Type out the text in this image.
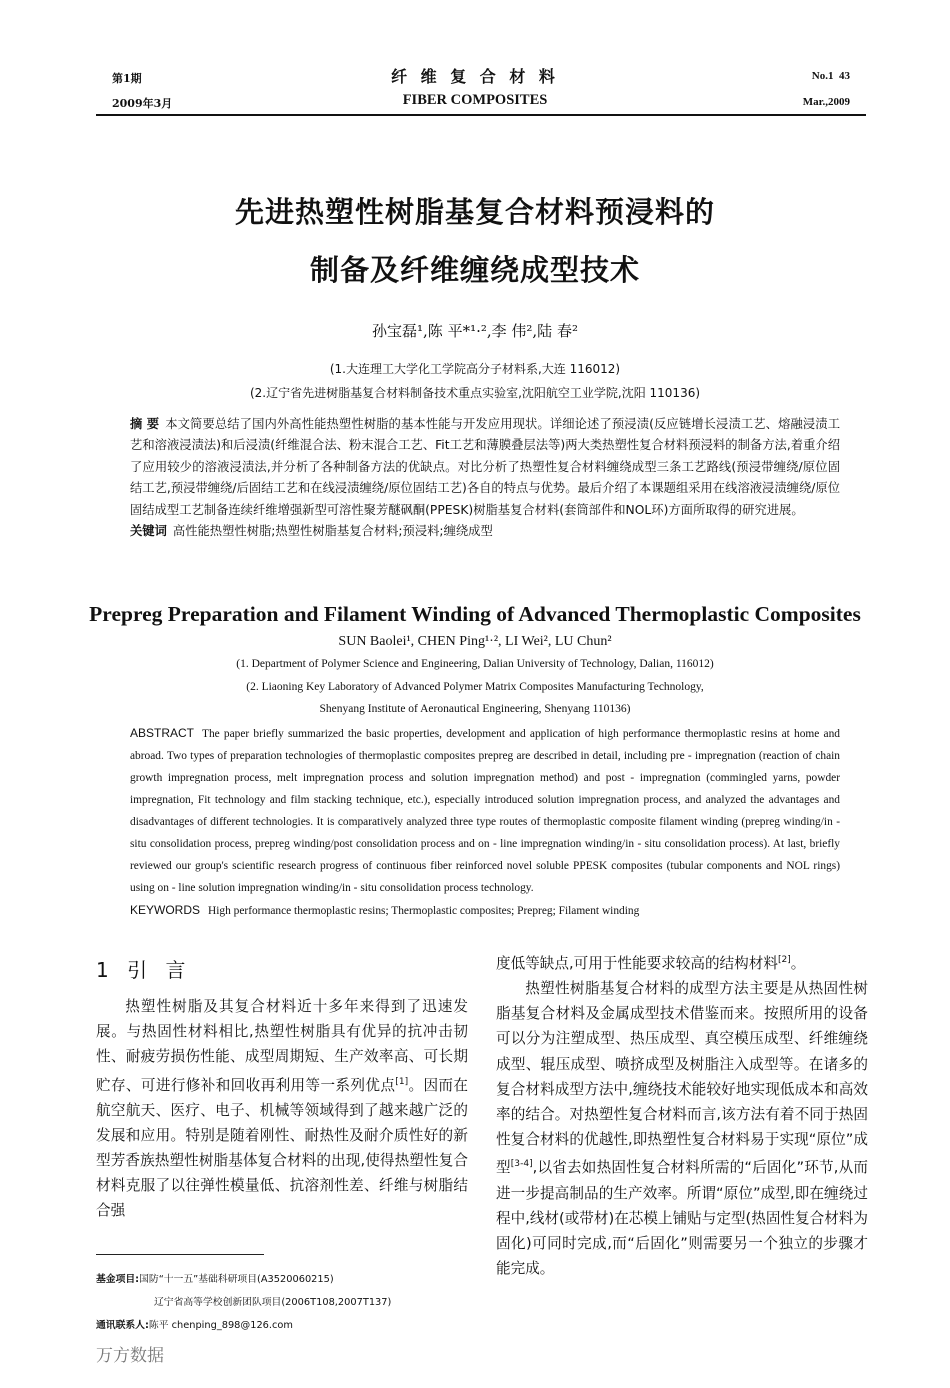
第1期
2009年3月
纤 维 复 合 材 料
FIBER COMPOSITES
No.1 43
Mar.,2009
先进热塑性树脂基复合材料预浸料的
制备及纤维缠绕成型技术
孙宝磊¹,陈 平*¹·²,李 伟²,陆 春²
(1.大连理工大学化工学院高分子材料系,大连 116012)
(2.辽宁省先进树脂基复合材料制备技术重点实验室,沈阳航空工业学院,沈阳 110136)
摘 要 本文简要总结了国内外高性能热塑性树脂的基本性能与开发应用现状。详细论述了预浸渍(反应链增长浸渍工艺、熔融浸渍工艺和溶液浸渍法)和后浸渍(纤维混合法、粉末混合工艺、Fit工艺和薄膜叠层法等)两大类热塑性复合材料预浸料的制备方法,着重介绍了应用较少的溶液浸渍法,并分析了各种制备方法的优缺点。对比分析了热塑性复合材料缠绕成型三条工艺路线(预浸带缠绕/原位固结工艺,预浸带缠绕/后固结工艺和在线浸渍缠绕/原位固结工艺)各自的特点与优势。最后介绍了本课题组采用在线溶液浸渍缠绕/原位固结成型工艺制备连续纤维增强新型可溶性聚芳醚砜酮(PPESK)树脂基复合材料(套筒部件和NOL环)方面所取得的研究进展。
关键词 高性能热塑性树脂;热塑性树脂基复合材料;预浸料;缠绕成型
Prepreg Preparation and Filament Winding of Advanced Thermoplastic Composites
SUN Baolei¹, CHEN Ping¹·², LI Wei², LU Chun²
(1. Department of Polymer Science and Engineering, Dalian University of Technology, Dalian, 116012)
(2. Liaoning Key Laboratory of Advanced Polymer Matrix Composites Manufacturing Technology,
Shenyang Institute of Aeronautical Engineering, Shenyang 110136)
ABSTRACT The paper briefly summarized the basic properties, development and application of high performance thermoplastic resins at home and abroad. Two types of preparation technologies of thermoplastic composites prepreg are described in detail, including pre - impregnation (reaction of chain growth impregnation process, melt impregnation process and solution impregnation method) and post - impregnation (commingled yarns, powder impregnation, Fit technology and film stacking technique, etc.), especially introduced solution impregnation process, and analyzed the advantages and disadvantages of different technologies. It is comparatively analyzed three type routes of thermoplastic composite filament winding (prepreg winding/in - situ consolidation process, prepreg winding/post consolidation process and on - line impregnation winding/in - situ consolidation process). At last, briefly reviewed our group's scientific research progress of continuous fiber reinforced novel soluble PPESK composites (tubular components and NOL rings) using on - line solution impregnation winding/in - situ consolidation process technology.
KEYWORDS High performance thermoplastic resins; Thermoplastic composites; Prepreg; Filament winding
1 引 言

热塑性树脂及其复合材料近十多年来得到了迅速发展。与热固性材料相比,热塑性树脂具有优异的抗冲击韧性、耐疲劳损伤性能、成型周期短、生产效率高、可长期贮存、可进行修补和回收再利用等一系列优点[1]。因而在航空航天、医疗、电子、机械等领域得到了越来越广泛的发展和应用。特别是随着刚性、耐热性及耐介质性好的新型芳香族热塑性树脂基体复合材料的出现,使得热塑性复合材料克服了以往弹性模量低、抗溶剂性差、纤维与树脂结合强

度低等缺点,可用于性能要求较高的结构材料[2]。

热塑性树脂基复合材料的成型方法主要是从热固性树脂基复合材料及金属成型技术借鉴而来。按照所用的设备可以分为注塑成型、热压成型、真空模压成型、纤维缠绕成型、辊压成型、喷挤成型及树脂注入成型等。在诸多的复合材料成型方法中,缠绕技术能较好地实现低成本和高效率的结合。对热塑性复合材料而言,该方法有着不同于热固性复合材料的优越性,即热塑性复合材料易于实现“原位”成型[3-4],以省去如热固性复合材料所需的“后固化”环节,从而进一步提高制品的生产效率。所谓“原位”成型,即在缠绕过程中,线材(或带材)在芯模上铺贴与定型(热固性复合材料为固化)可同时完成,而“后固化”则需要另一个独立的步骤才能完成。

基金项目:国防“十一五”基础科研项目(A3520060215)
辽宁省高等学校创新团队项目(2006T108,2007T137)
通讯联系人:陈平 chenping_898@126.com
万方数据
